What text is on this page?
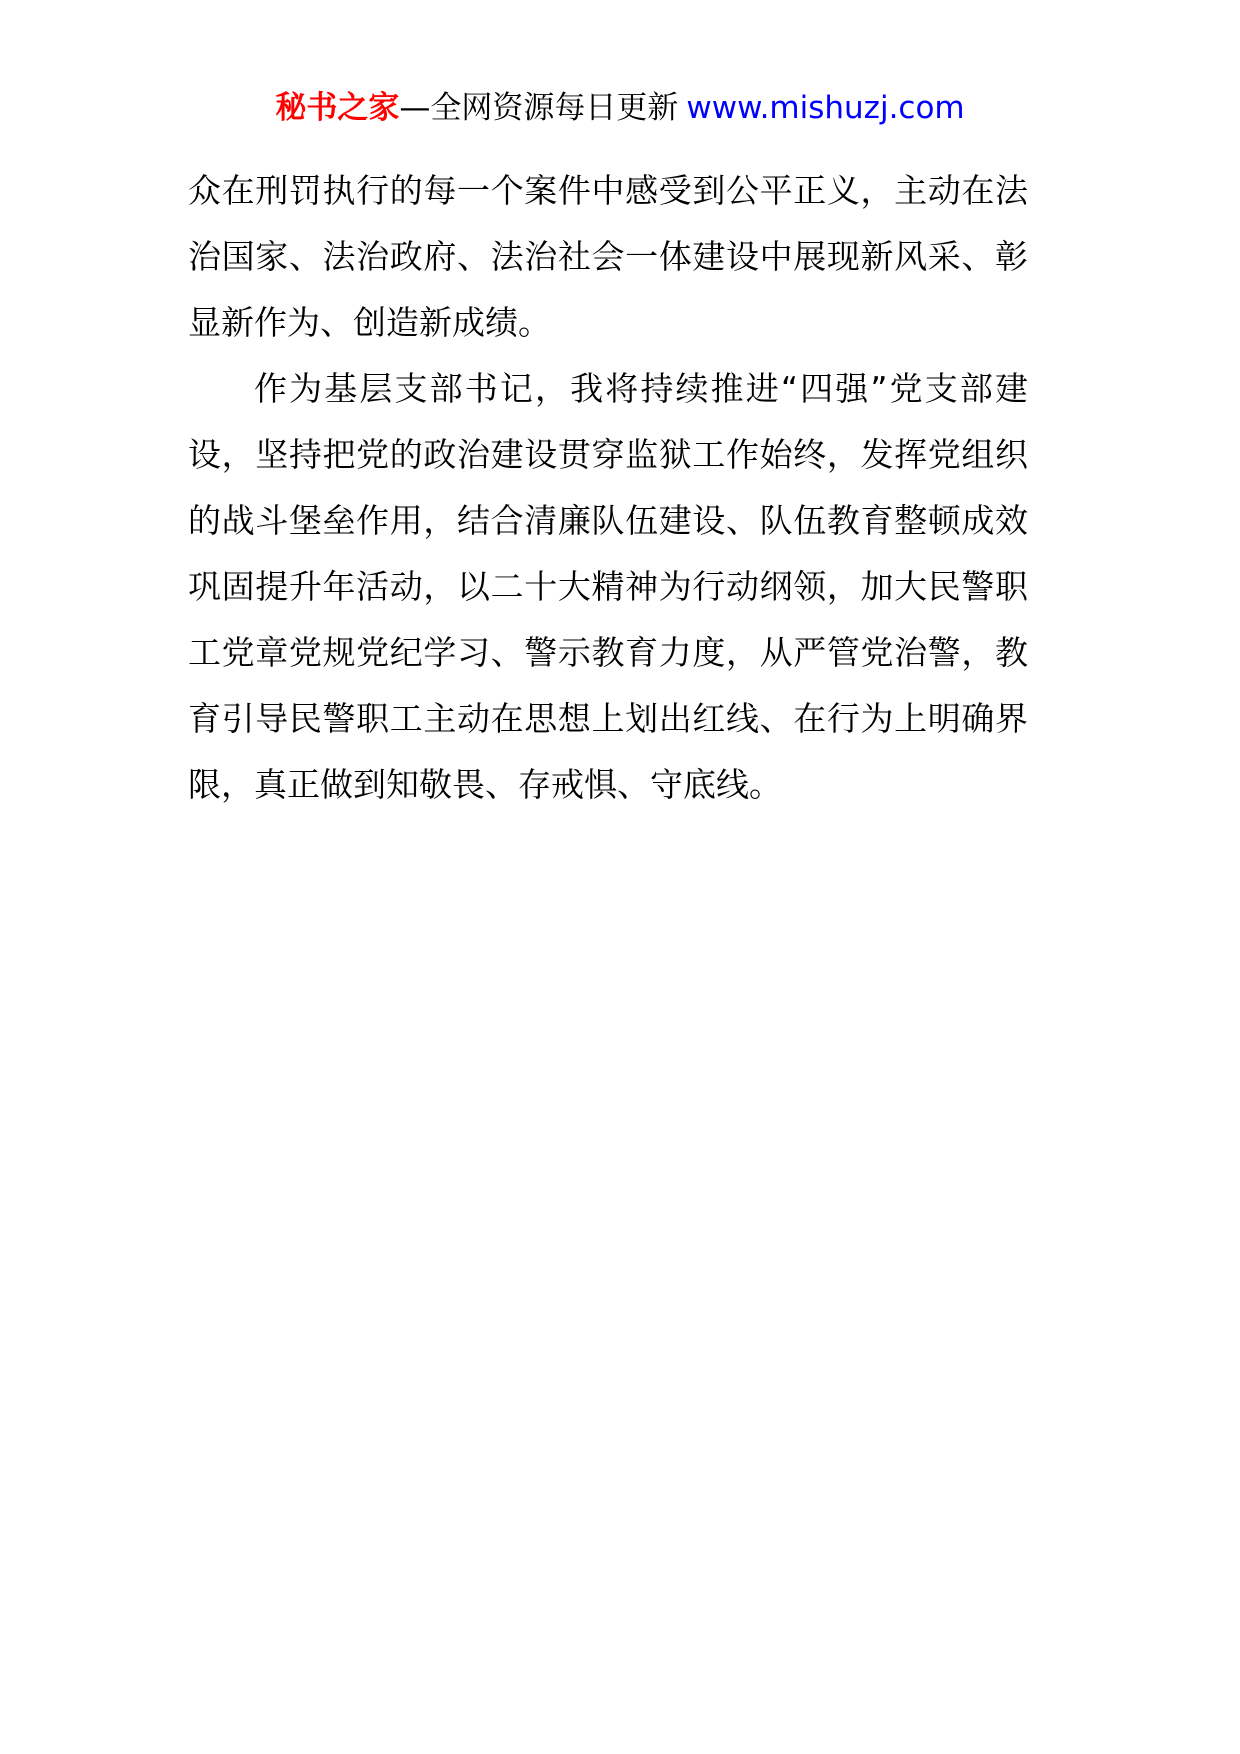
秘书之家—全网资源每日更新 www.mishuzj.com

众在刑罚执行的每一个案件中感受到公平正义，主动在法治国家、法治政府、法治社会一体建设中展现新风采、彰显新作为、创造新成绩。

作为基层支部书记，我将持续推进“四强”党支部建设，坚持把党的政治建设贯穿监狱工作始终，发挥党组织的战斗堡垒作用，结合清廉队伍建设、队伍教育整顿成效巩固提升年活动，以二十大精神为行动纲领，加大民警职工党章党规党纪学习、警示教育力度，从严管党治警，教育引导民警职工主动在思想上划出红线、在行为上明确界限，真正做到知敬畏、存戒惧、守底线。
